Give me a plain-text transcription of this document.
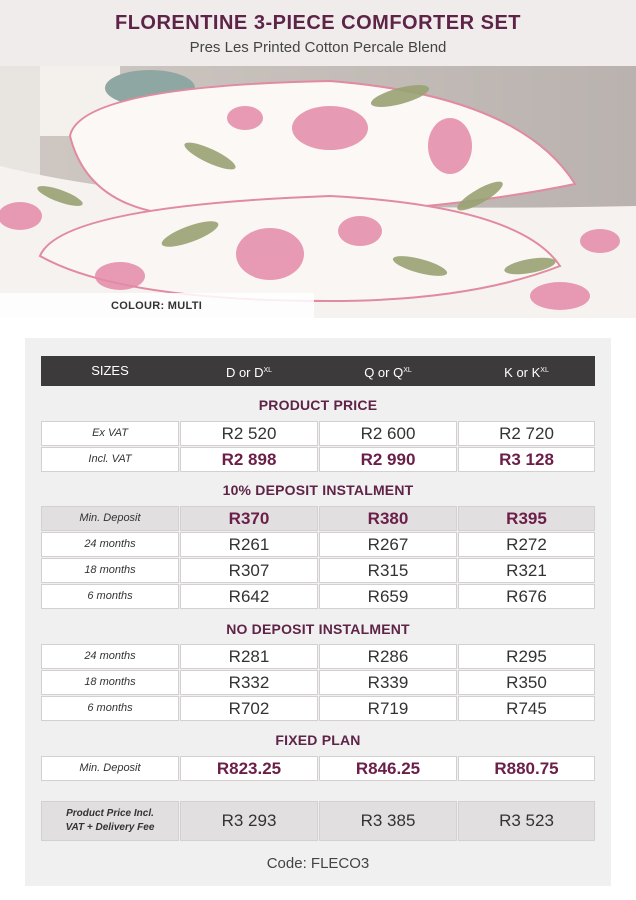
FLORENTINE 3-PIECE COMFORTER SET
Pres Les Printed Cotton Percale Blend
COLOUR: MULTI
SIZES	D or $D^{XL}$	Q or $Q^{XL}$	K or $K^{XL}$
PRODUCT PRICE
Ex VAT	R2 520	R2 600	R2 720
Incl. VAT	R2 898	R2 990	R3 128
10% DEPOSIT INSTALMENT
Min. Deposit	R370	R380	R395
24 months	R261	R267	R272
18 months	R307	R315	R321
6 months	R642	R659	R676
NO DEPOSIT INSTALMENT
24 months	R281	R286	R295
18 months	R332	R339	R350
6 months	R702	R719	R745
FIXED PLAN
Min. Deposit	R823.25	R846.25	R880.75
Product Price Incl.
VAT + Delivery Fee	R3 293	R3 385	R3 523
Code: FLECO3
